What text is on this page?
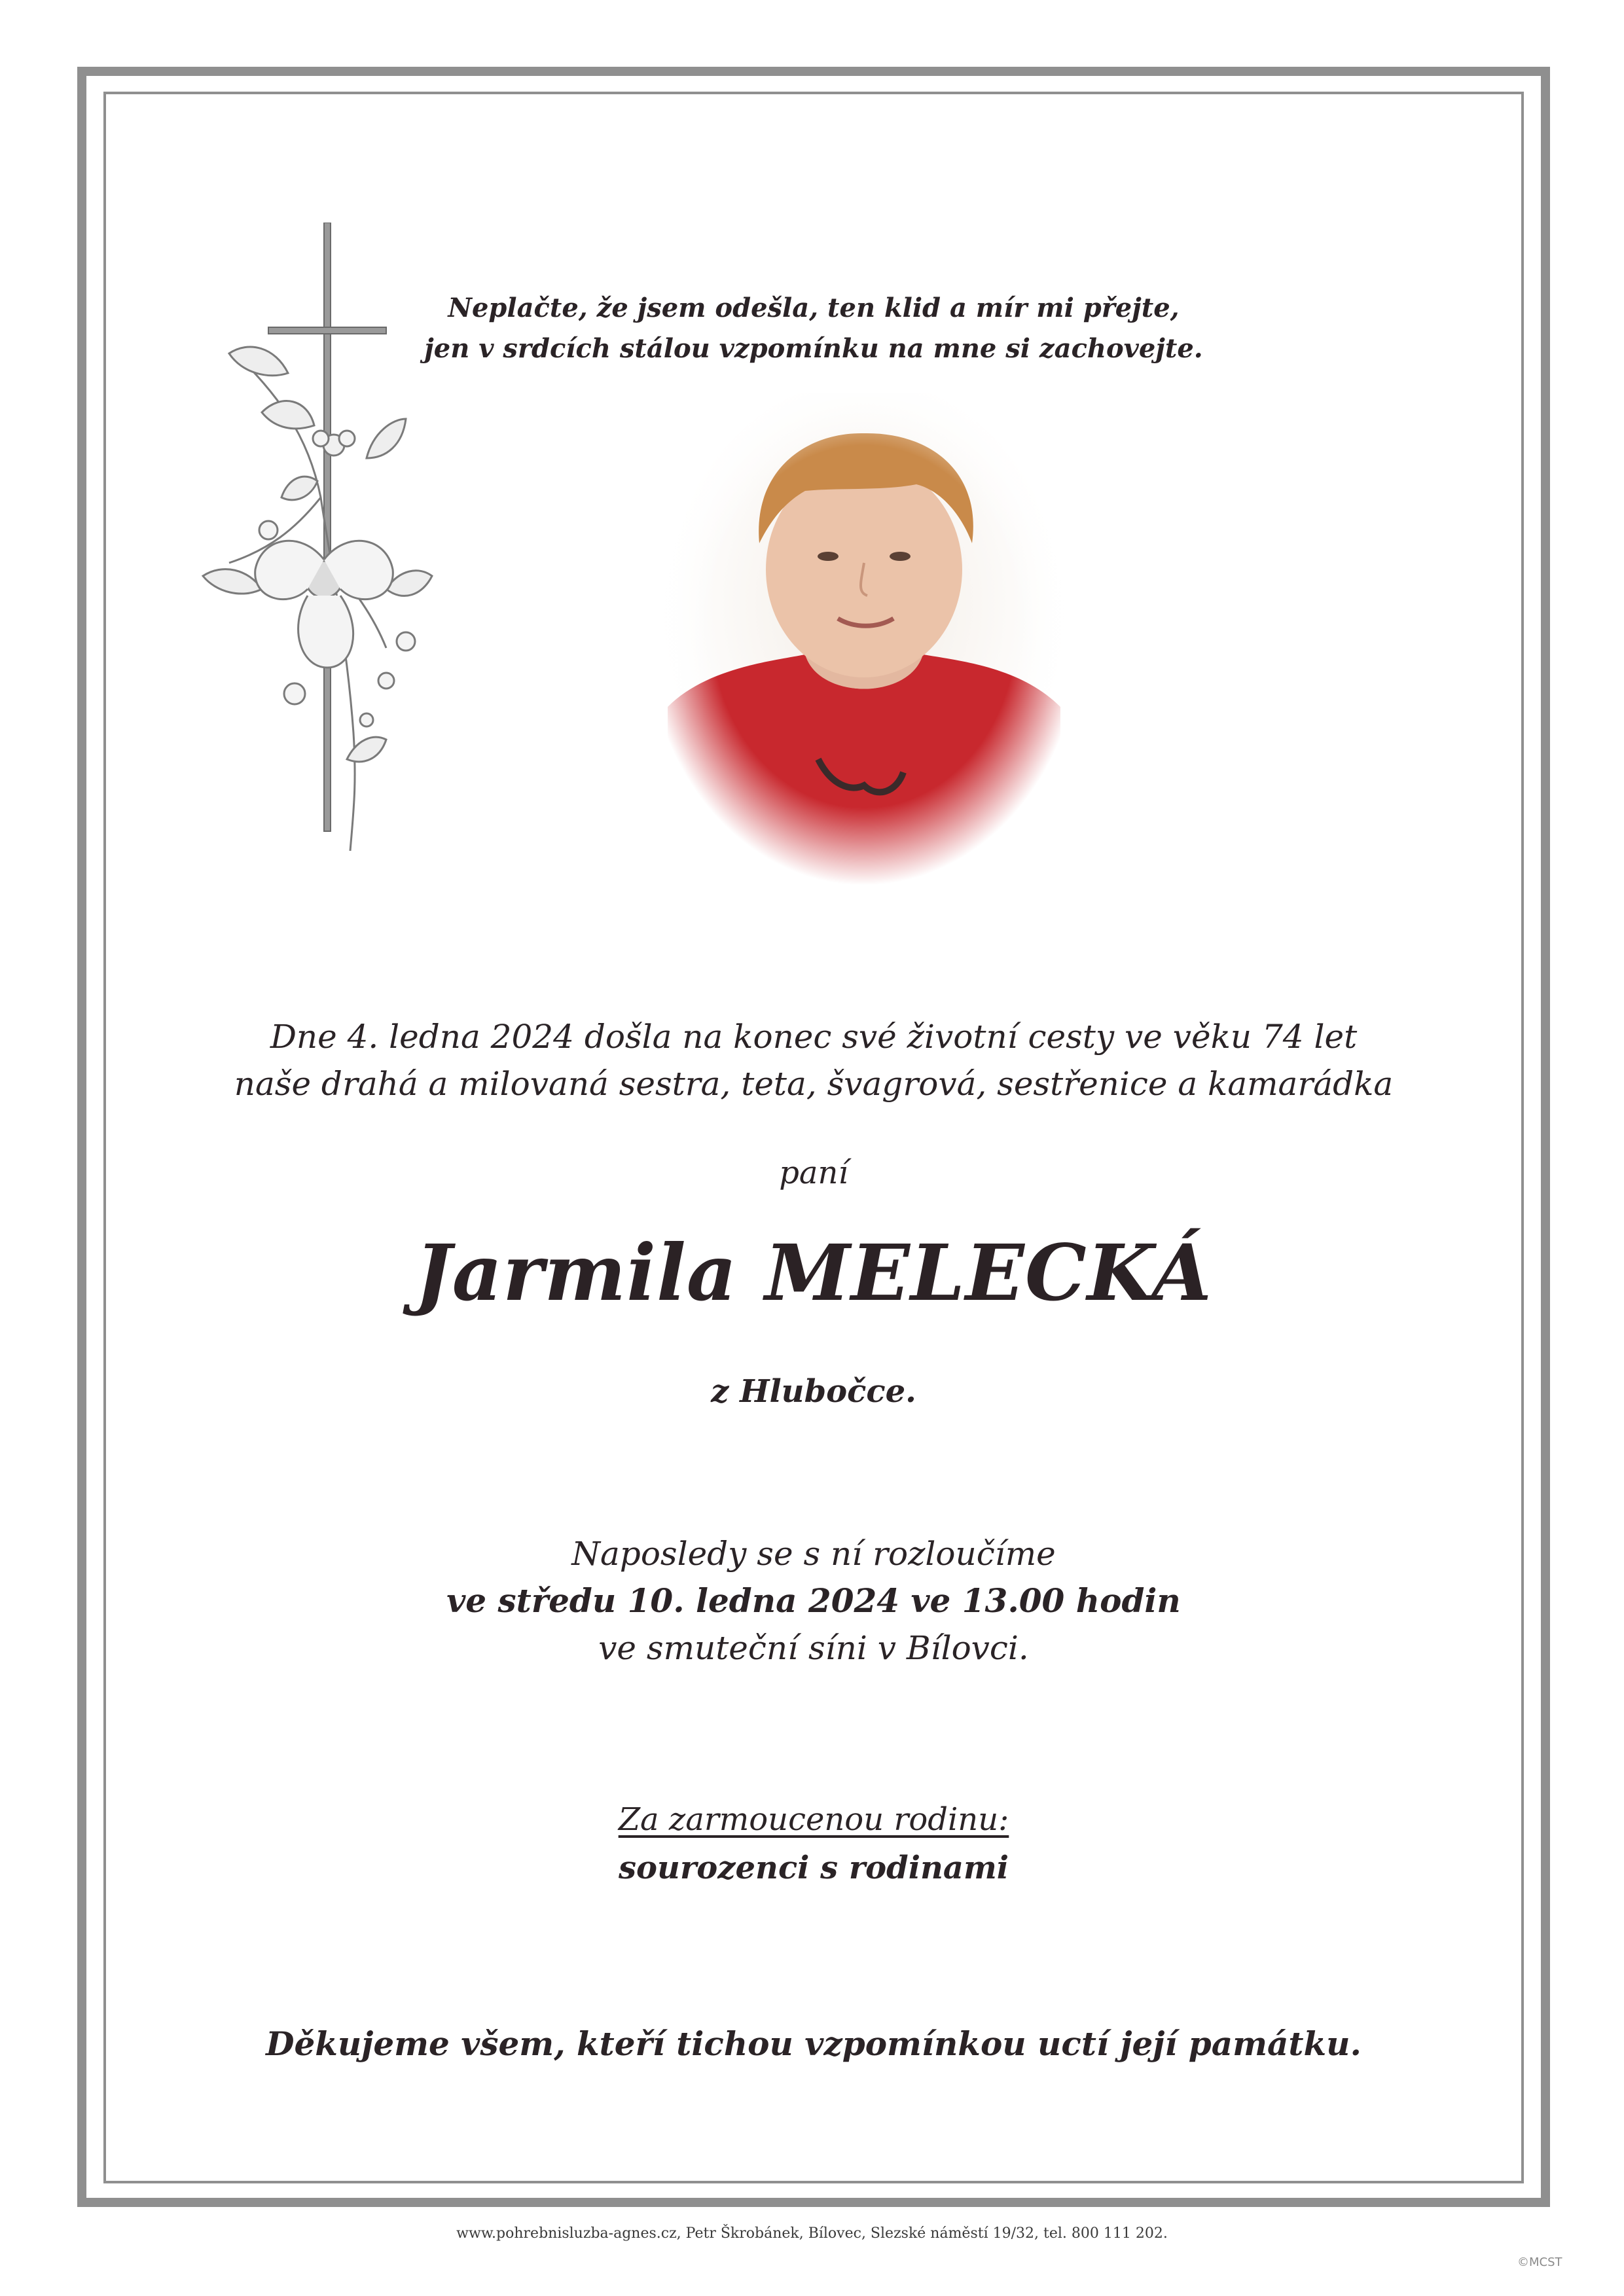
Neplačte, že jsem odešla, ten klid a mír mi přejte,
jen v srdcích stálou vzpomínku na mne si zachovejte.
Dne 4. ledna 2024 došla na konec své životní cesty ve věku 74 let
naše drahá a milovaná sestra, teta, švagrová, sestřenice a kamarádka
paní
Jarmila MELECKÁ
z Hlubočce.
Naposledy se s ní rozloučíme
ve středu 10. ledna 2024 ve 13.00 hodin
ve smuteční síni v Bílovci.
Za zarmoucenou rodinu:
sourozenci s rodinami
Děkujeme všem, kteří tichou vzpomínkou uctí její památku.
www.pohrebnisluzba-agnes.cz, Petr Škrobánek, Bílovec, Slezské náměstí 19/32, tel. 800 111 202.
©MCST
